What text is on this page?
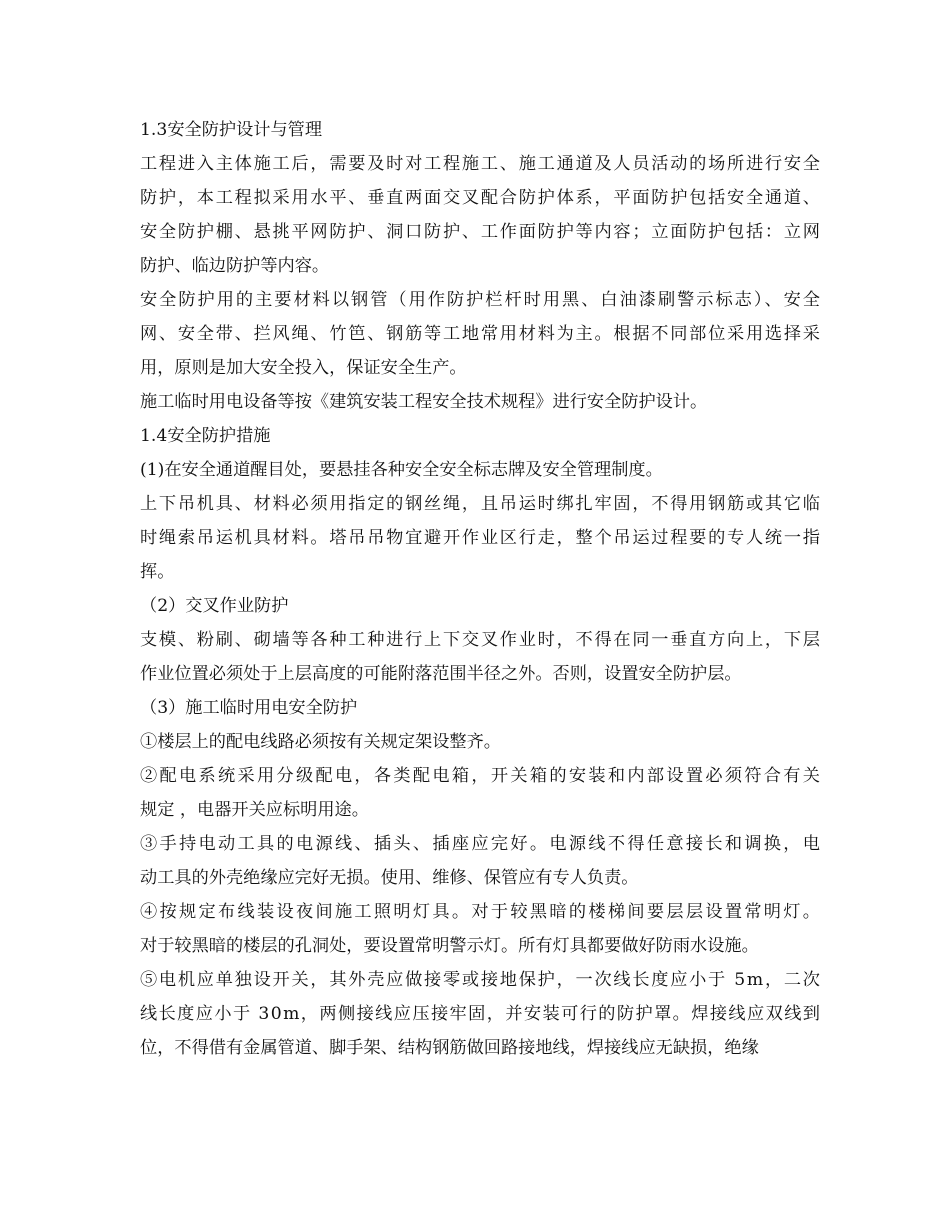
1.3安全防护设计与管理
工程进入主体施工后，需要及时对工程施工、施工通道及人员活动的场所进行安全
防护，本工程拟采用水平、垂直两面交叉配合防护体系，平面防护包括安全通道、
安全防护棚、悬挑平网防护、洞口防护、工作面防护等内容；立面防护包括：立网
防护、临边防护等内容。
安全防护用的主要材料以钢管（用作防护栏杆时用黑、白油漆刷警示标志）、安全
网、安全带、拦风绳、竹笆、钢筋等工地常用材料为主。根据不同部位采用选择采
用，原则是加大安全投入，保证安全生产。
施工临时用电设备等按《建筑安装工程安全技术规程》进行安全防护设计。
1.4安全防护措施
(1)在安全通道醒目处，要悬挂各种安全安全标志牌及安全管理制度。
上下吊机具、材料必须用指定的钢丝绳，且吊运时绑扎牢固，不得用钢筋或其它临
时绳索吊运机具材料。塔吊吊物宜避开作业区行走，整个吊运过程要的专人统一指
挥。
（2）交叉作业防护
支模、粉刷、砌墙等各种工种进行上下交叉作业时，不得在同一垂直方向上，下层
作业位置必须处于上层高度的可能附落范围半径之外。否则，设置安全防护层。
（3）施工临时用电安全防护
①楼层上的配电线路必须按有关规定架设整齐。
②配电系统采用分级配电，各类配电箱，开关箱的安装和内部设置必须符合有关
规定 ，电器开关应标明用途。
③手持电动工具的电源线、插头、插座应完好。电源线不得任意接长和调换，电
动工具的外壳绝缘应完好无损。使用、维修、保管应有专人负责。
④按规定布线装设夜间施工照明灯具。对于较黑暗的楼梯间要层层设置常明灯。
对于较黑暗的楼层的孔洞处，要设置常明警示灯。所有灯具都要做好防雨水设施。
⑤电机应单独设开关，其外壳应做接零或接地保护，一次线长度应小于 5m，二次
线长度应小于 30m，两侧接线应压接牢固，并安装可行的防护罩。焊接线应双线到
位，不得借有金属管道、脚手架、结构钢筋做回路接地线，焊接线应无缺损，绝缘
